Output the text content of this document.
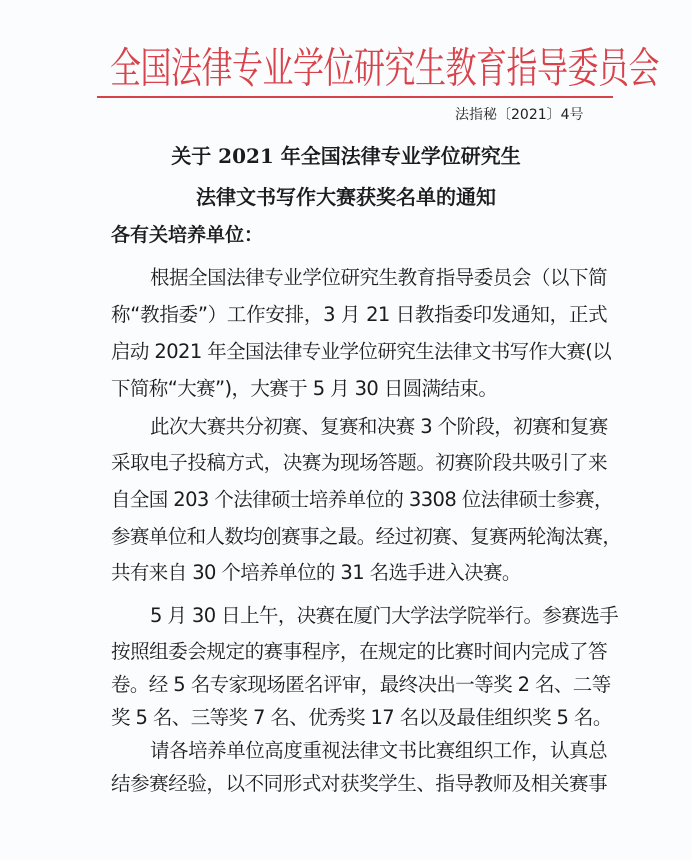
全国法律专业学位研究生教育指导委员会
法指秘〔2021〕4号
关于 2021 年全国法律专业学位研究生
法律文书写作大赛获奖名单的通知
各有关培养单位：
根据全国法律专业学位研究生教育指导委员会（以下简
称“教指委”）工作安排，3 月 21 日教指委印发通知，正式
启动 2021 年全国法律专业学位研究生法律文书写作大赛(以
下简称“大赛”)，大赛于 5 月 30 日圆满结束。
此次大赛共分初赛、复赛和决赛 3 个阶段，初赛和复赛
采取电子投稿方式，决赛为现场答题。初赛阶段共吸引了来
自全国 203 个法律硕士培养单位的 3308 位法律硕士参赛，
参赛单位和人数均创赛事之最。经过初赛、复赛两轮淘汰赛，
共有来自 30 个培养单位的 31 名选手进入决赛。
5 月 30 日上午，决赛在厦门大学法学院举行。参赛选手
按照组委会规定的赛事程序，在规定的比赛时间内完成了答
卷。经 5 名专家现场匿名评审，最终决出一等奖 2 名、二等
奖 5 名、三等奖 7 名、优秀奖 17 名以及最佳组织奖 5 名。
请各培养单位高度重视法律文书比赛组织工作，认真总
结参赛经验，以不同形式对获奖学生、指导教师及相关赛事
